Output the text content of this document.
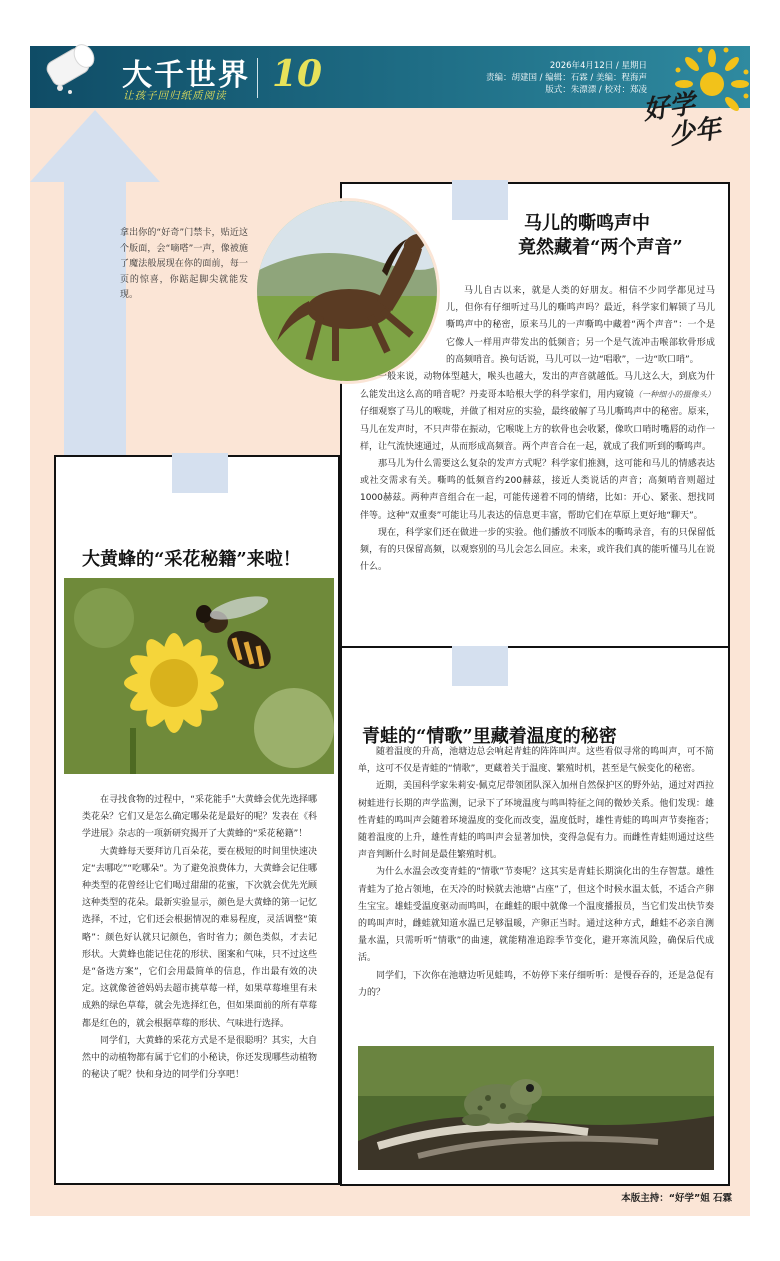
大千世界
让孩子回归纸质阅读
10	2026年4月12日 / 星期日
责编：胡建国 / 编辑：石霖 / 美编：程海声
版式：朱漂漂 / 校对：郑凌
好学
少年
拿出你的“好奇”门禁卡，贴近这个版面，会“嘀嗒”一声，像被施了魔法般展现在你的面前，每一页的惊喜，你踮起脚尖就能发现。
马儿的嘶鸣声中
竟然藏着“两个声音”

马儿自古以来，就是人类的好朋友。相信不少同学都见过马儿，但你有仔细听过马儿的嘶鸣声吗？最近，科学家们解锁了马儿嘶鸣声中的秘密，原来马儿的一声嘶鸣中藏着“两个声音”：一个是它像人一样用声带发出的低频音；另一个是气流冲击喉部软骨形成的高频哨音。换句话说，马儿可以一边“唱歌”，一边“吹口哨”。

一般来说，动物体型越大，喉头也越大，发出的声音就越低。马儿这么大，到底为什么能发出这么高的哨音呢？丹麦哥本哈根大学的科学家们，用内窥镜（一种细小的摄像头）仔细观察了马儿的喉咙，并做了相对应的实验，最终破解了马儿嘶鸣声中的秘密。原来，马儿在发声时，不只声带在振动，它喉咙上方的软骨也会收紧，像吹口哨时嘴唇的动作一样，让气流快速通过，从而形成高频音。两个声音合在一起，就成了我们听到的嘶鸣声。

那马儿为什么需要这么复杂的发声方式呢？科学家们推测，这可能和马儿的情感表达或社交需求有关。嘶鸣的低频音约200赫兹，接近人类说话的声音；高频哨音则超过1000赫兹。两种声音组合在一起，可能传递着不同的情绪，比如：开心、紧张、想找同伴等。这种“双重奏”可能让马儿表达的信息更丰富，帮助它们在草原上更好地“聊天”。

现在，科学家们还在做进一步的实验。他们播放不同版本的嘶鸣录音，有的只保留低频，有的只保留高频，以观察别的马儿会怎么回应。未来，或许我们真的能听懂马儿在说什么。

大黄蜂的“采花秘籍”来啦！

在寻找食物的过程中，“采花能手”大黄蜂会优先选择哪类花朵？它们又是怎么确定哪朵花是最好的呢？发表在《科学进展》杂志的一项新研究揭开了大黄蜂的“采花秘籍”！

大黄蜂每天要拜访几百朵花，要在极短的时间里快速决定“去哪吃”“吃哪朵”。为了避免浪费体力，大黄蜂会记住哪种类型的花曾经让它们喝过甜甜的花蜜，下次就会优先光顾这种类型的花朵。最新实验显示，颜色是大黄蜂的第一记忆选择，不过，它们还会根据情况的难易程度，灵活调整“策略”：颜色好认就只记颜色，省时省力；颜色类似，才去记形状。大黄蜂也能记住花的形状、图案和气味，只不过这些是“备选方案”，它们会用最简单的信息，作出最有效的决定。这就像爸爸妈妈去超市挑草莓一样，如果草莓堆里有未成熟的绿色草莓，就会先选择红色，但如果面前的所有草莓都是红色的，就会根据草莓的形状、气味进行选择。

同学们，大黄蜂的采花方式是不是很聪明？其实，大自然中的动植物都有属于它们的小秘诀，你还发现哪些动植物的秘诀了呢？快和身边的同学们分享吧！

青蛙的“情歌”里藏着温度的秘密

随着温度的升高，池塘边总会响起青蛙的阵阵叫声。这些看似寻常的鸣叫声，可不简单，这可不仅是青蛙的“情歌”，更藏着关于温度、繁殖时机，甚至是气候变化的秘密。

近期，美国科学家朱莉安·佩克尼带领团队深入加州自然保护区的野外站，通过对西拉树蛙进行长期的声学监测，记录下了环境温度与鸣叫特征之间的微妙关系。他们发现：雄性青蛙的鸣叫声会随着环境温度的变化而改变，温度低时，雄性青蛙的鸣叫声节奏拖沓；随着温度的上升，雄性青蛙的鸣叫声会显著加快，变得急促有力。而雌性青蛙则通过这些声音判断什么时间是最佳繁殖时机。

为什么水温会改变青蛙的“情歌”节奏呢？这其实是青蛙长期演化出的生存智慧。雄性青蛙为了抢占领地，在天冷的时候就去池塘“占座”了，但这个时候水温太低，不适合产卵生宝宝。雄蛙受温度驱动而鸣叫，在雌蛙的眼中就像一个温度播报员，当它们发出快节奏的鸣叫声时，雌蛙就知道水温已足够温暖，产卵正当时。通过这种方式，雌蛙不必亲自测量水温，只需听听“情歌”的曲速，就能精准追踪季节变化，避开寒流风险，确保后代成活。

同学们，下次你在池塘边听见蛙鸣，不妨停下来仔细听听：是慢吞吞的，还是急促有力的？

本版主持：“好学”姐 石霖
